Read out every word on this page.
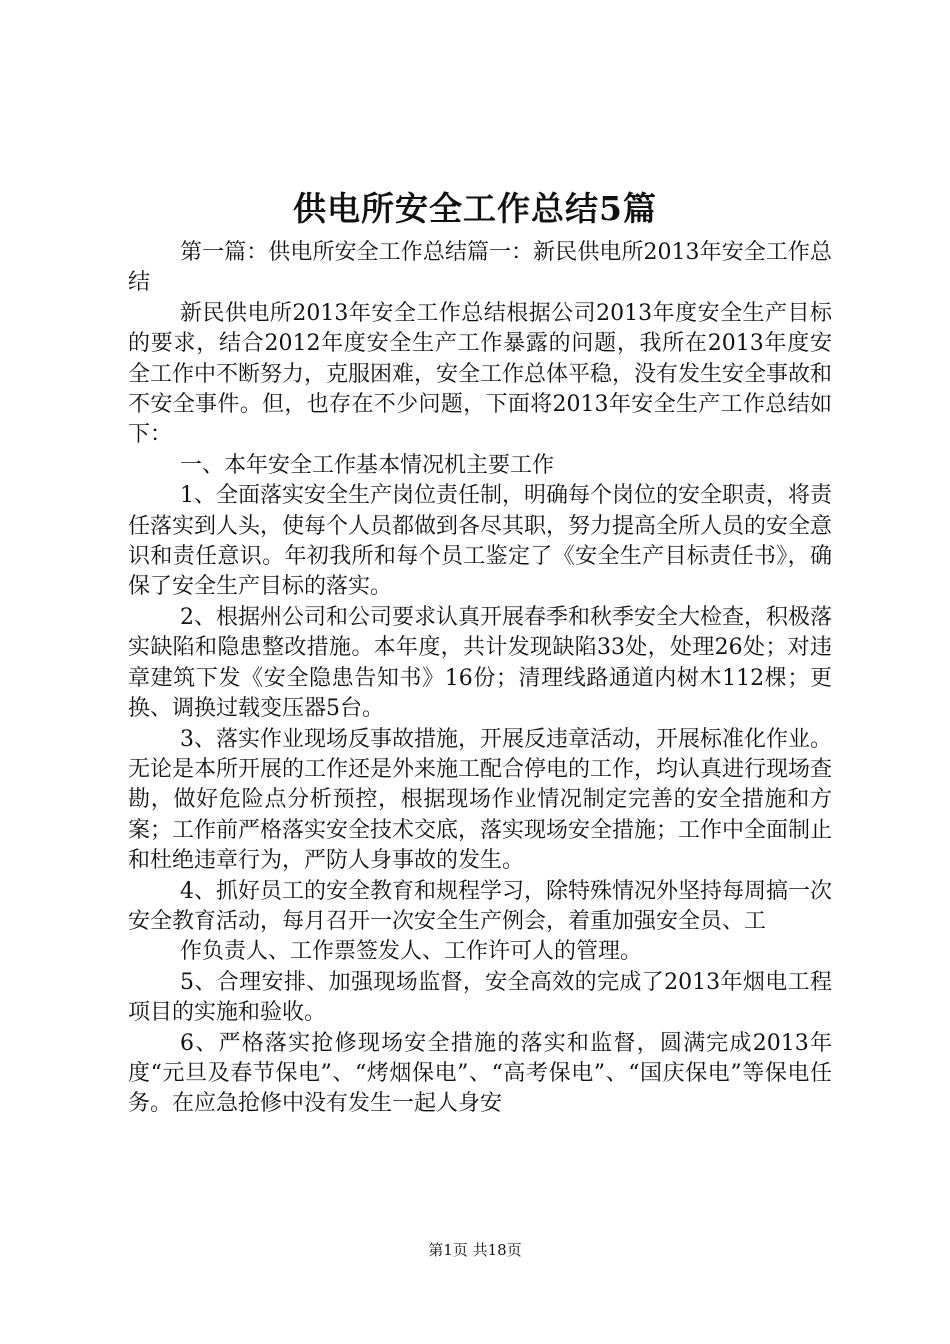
供电所安全工作总结5篇

第一篇：供电所安全工作总结篇一：新民供电所2013年安全工作总结

新民供电所2013年安全工作总结根据公司2013年度安全生产目标的要求，结合2012年度安全生产工作暴露的问题，我所在2013年度安全工作中不断努力，克服困难，安全工作总体平稳，没有发生安全事故和不安全事件。但，也存在不少问题，下面将2013年安全生产工作总结如下：

一、本年安全工作基本情况机主要工作

1、全面落实安全生产岗位责任制，明确每个岗位的安全职责，将责任落实到人头，使每个人员都做到各尽其职，努力提高全所人员的安全意识和责任意识。年初我所和每个员工鉴定了《安全生产目标责任书》，确保了安全生产目标的落实。

2、根据州公司和公司要求认真开展春季和秋季安全大检查，积极落实缺陷和隐患整改措施。本年度，共计发现缺陷33处，处理26处；对违章建筑下发《安全隐患告知书》16份；清理线路通道内树木112棵；更换、调换过载变压器5台。

3、落实作业现场反事故措施，开展反违章活动，开展标准化作业。无论是本所开展的工作还是外来施工配合停电的工作，均认真进行现场查勘，做好危险点分析预控，根据现场作业情况制定完善的安全措施和方案；工作前严格落实安全技术交底，落实现场安全措施；工作中全面制止和杜绝违章行为，严防人身事故的发生。

4、抓好员工的安全教育和规程学习，除特殊情况外坚持每周搞一次安全教育活动，每月召开一次安全生产例会，着重加强安全员、工

作负责人、工作票签发人、工作许可人的管理。

5、合理安排、加强现场监督，安全高效的完成了2013年烟电工程项目的实施和验收。

6、严格落实抢修现场安全措施的落实和监督，圆满完成2013年度“元旦及春节保电”、“烤烟保电”、“高考保电”、“国庆保电”等保电任务。在应急抢修中没有发生一起人身安

第1页 共18页
